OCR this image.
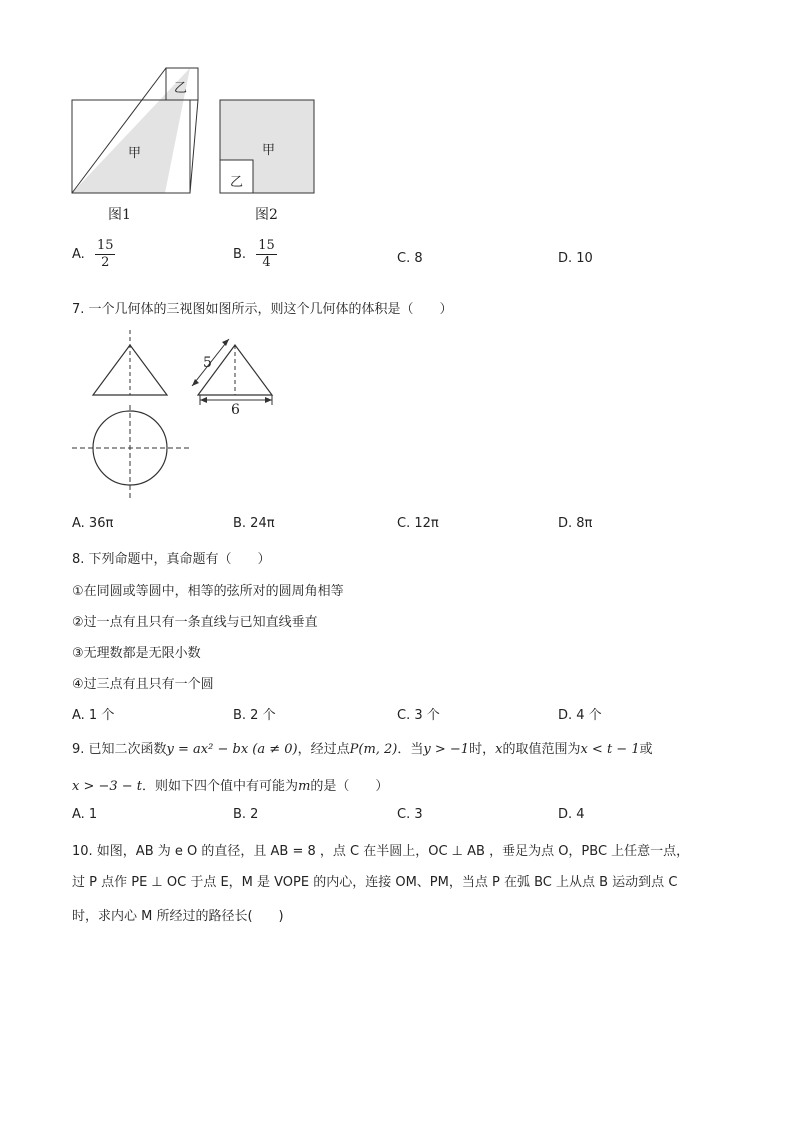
甲
乙
图1
甲
乙
图2
A. $\frac{15}{2}$	B. $\frac{15}{4}$	C. 8	D. 10
7. 一个几何体的三视图如图所示，则这个几何体的体积是（　　）
5
6
A. 36π	B. 24π	C. 12π	D. 8π
8. 下列命题中，真命题有（　　）
①在同圆或等圆中，相等的弦所对的圆周角相等
②过一点有且只有一条直线与已知直线垂直
③无理数都是无限小数
④过三点有且只有一个圆
A. 1 个	B. 2 个	C. 3 个	D. 4 个
9. 已知二次函数y = ax² − bx (a ≠ 0)，经过点P(m, 2)．当y > −1时，x的取值范围为x < t − 1或
x > −3 − t．则如下四个值中有可能为m的是（　　）
A. 1	B. 2	C. 3	D. 4
10. 如图，AB 为 e O 的直径，且 AB = 8 ，点 C 在半圆上，OC ⊥ AB ，垂足为点 O，PBC 上任意一点，
过 P 点作 PE ⊥ OC 于点 E，M 是 VOPE 的内心，连接 OM、PM，当点 P 在弧 BC 上从点 B 运动到点 C
时，求内心 M 所经过的路径长(　　)
